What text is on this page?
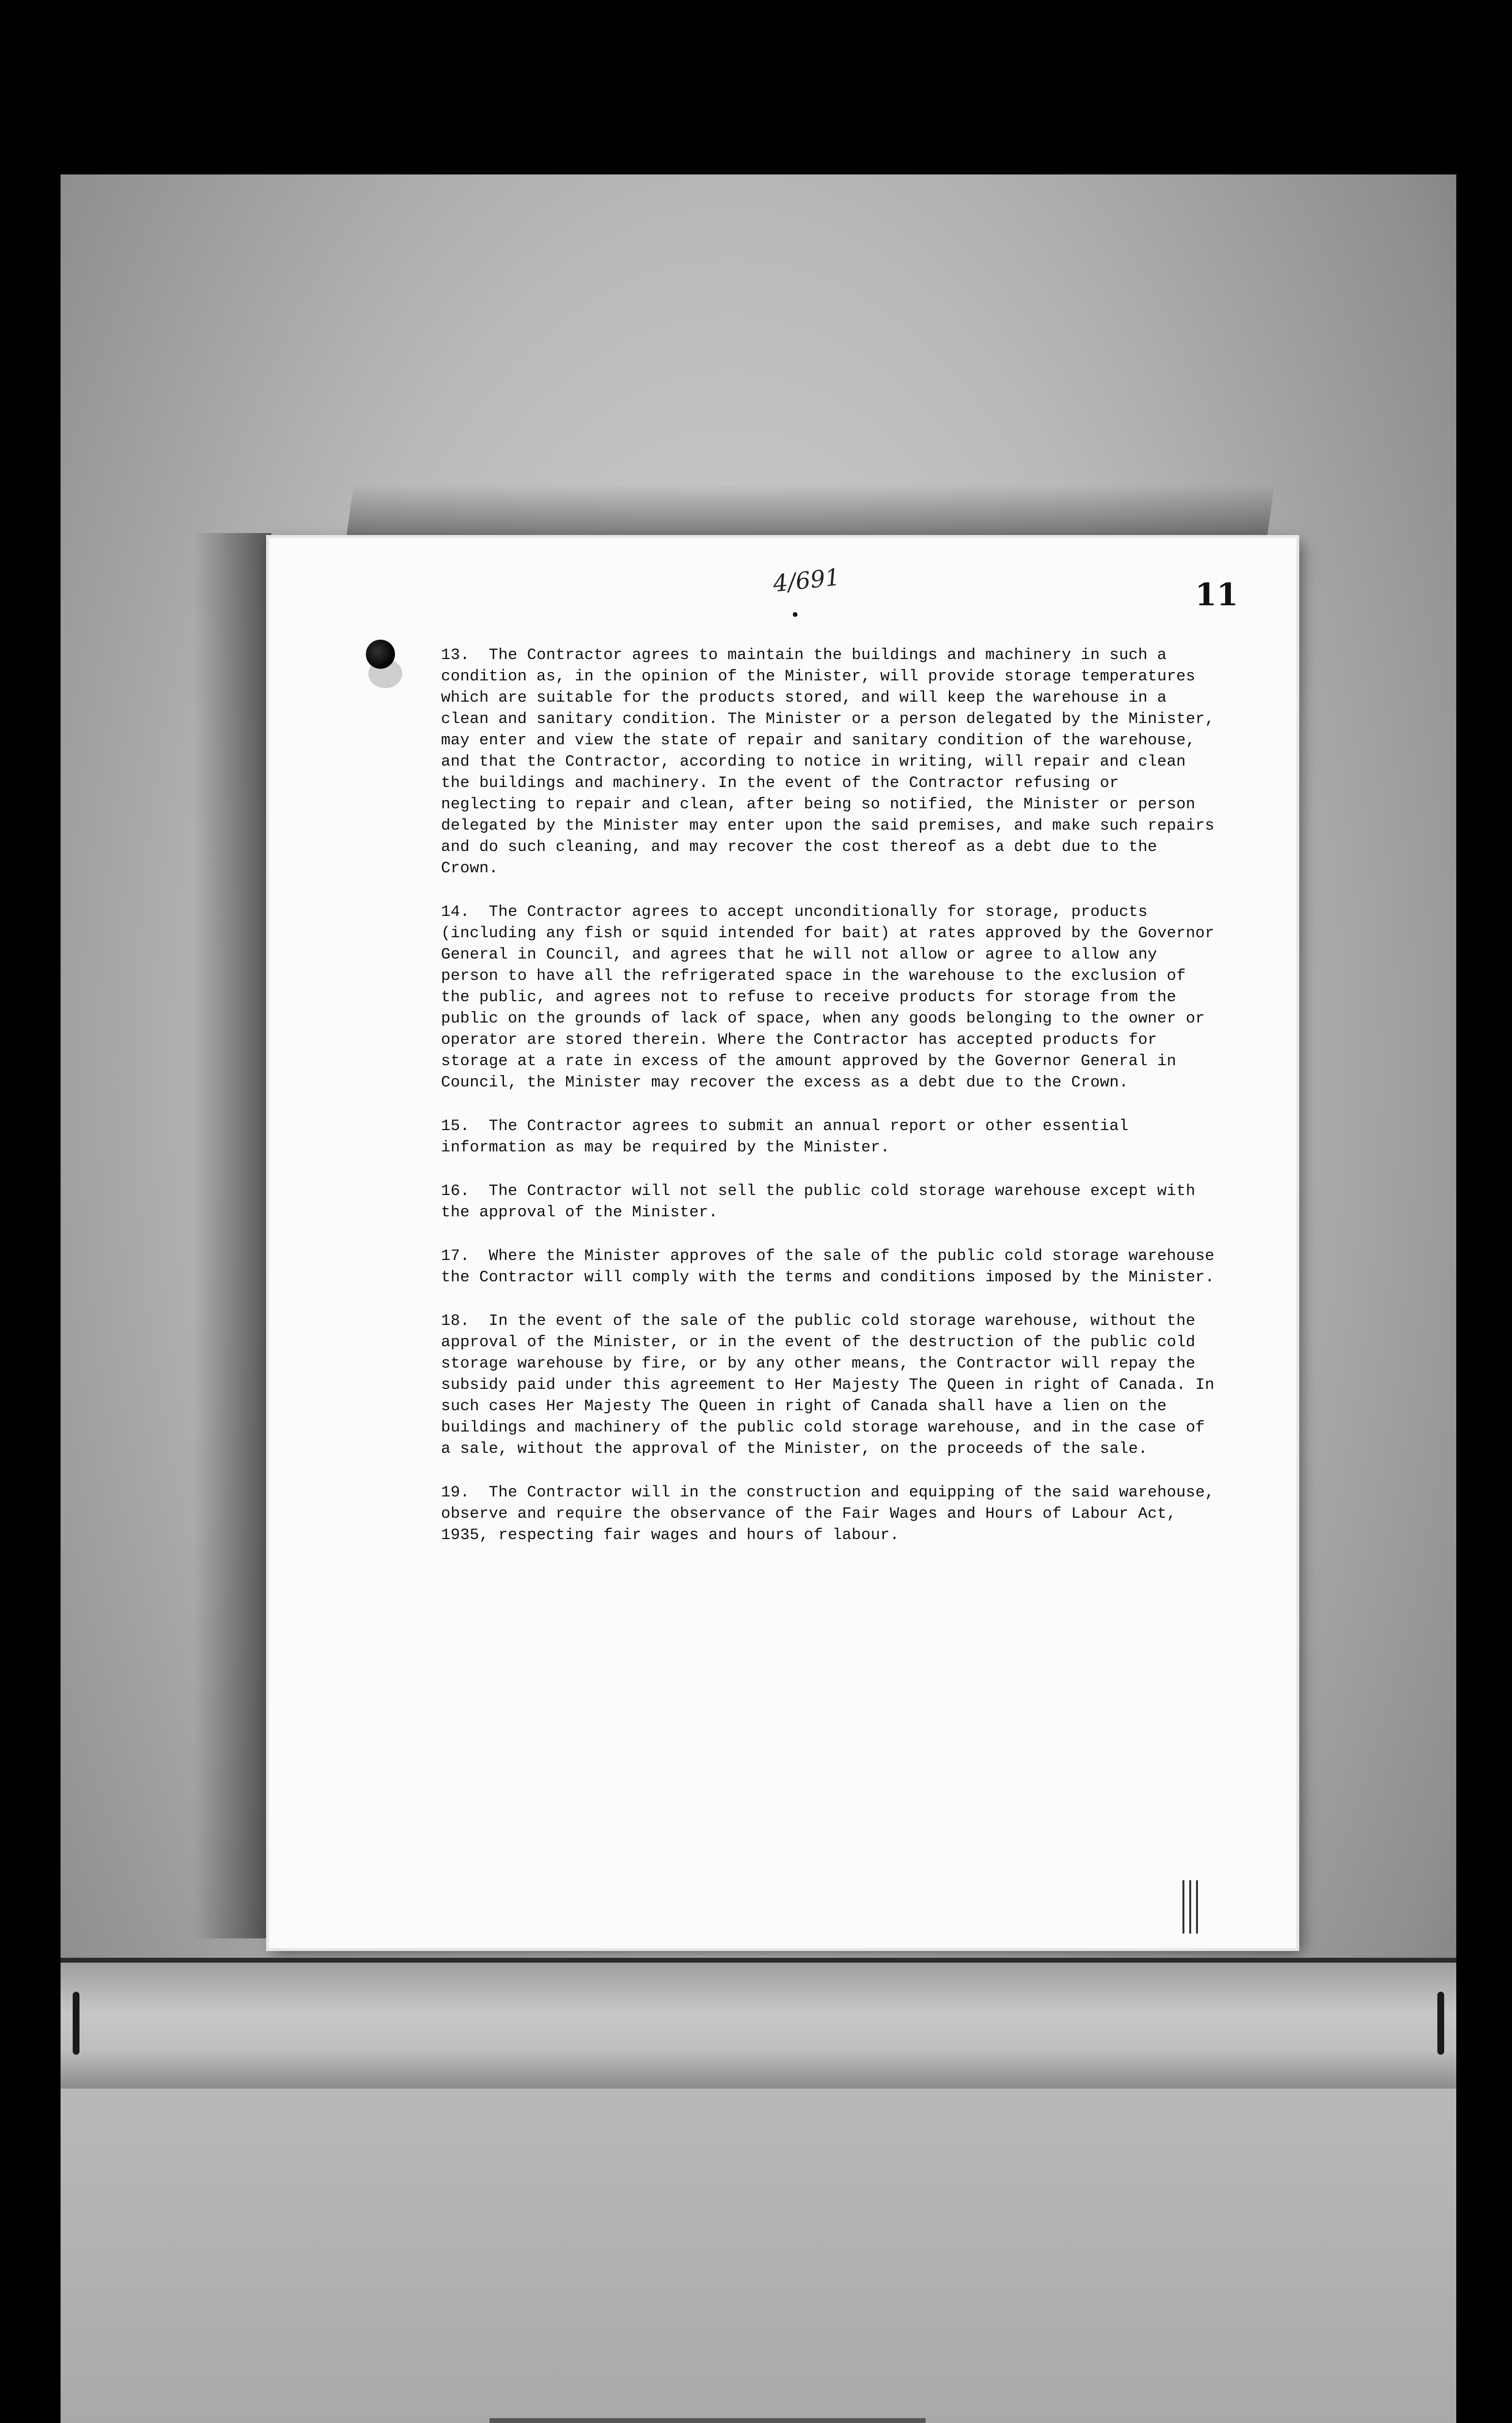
4/691
•
11

13. The Contractor agrees to maintain the buildings and machinery in such a condition as, in the opinion of the Minister, will provide storage temperatures which are suitable for the products stored, and will keep the warehouse in a clean and sanitary condition. The Minister or a person delegated by the Minister, may enter and view the state of repair and sanitary condition of the warehouse, and that the Contractor, according to notice in writing, will repair and clean the buildings and machinery. In the event of the Contractor refusing or neglecting to repair and clean, after being so notified, the Minister or person delegated by the Minister may enter upon the said premises, and make such repairs and do such cleaning, and may recover the cost thereof as a debt due to the Crown.

14. The Contractor agrees to accept unconditionally for storage, products (including any fish or squid intended for bait) at rates approved by the Governor General in Council, and agrees that he will not allow or agree to allow any person to have all the refrigerated space in the warehouse to the exclusion of the public, and agrees not to refuse to receive products for storage from the public on the grounds of lack of space, when any goods belonging to the owner or operator are stored therein. Where the Contractor has accepted products for storage at a rate in excess of the amount approved by the Governor General in Council, the Minister may recover the excess as a debt due to the Crown.

15. The Contractor agrees to submit an annual report or other essential information as may be required by the Minister.

16. The Contractor will not sell the public cold storage warehouse except with the approval of the Minister.

17. Where the Minister approves of the sale of the public cold storage warehouse the Contractor will comply with the terms and conditions imposed by the Minister.

18. In the event of the sale of the public cold storage warehouse, without the approval of the Minister, or in the event of the destruction of the public cold storage warehouse by fire, or by any other means, the Contractor will repay the subsidy paid under this agreement to Her Majesty The Queen in right of Canada. In such cases Her Majesty The Queen in right of Canada shall have a lien on the buildings and machinery of the public cold storage warehouse, and in the case of a sale, without the approval of the Minister, on the proceeds of the sale.

19. The Contractor will in the construction and equipping of the said warehouse, observe and require the observance of the Fair Wages and Hours of Labour Act, 1935, respecting fair wages and hours of labour.
